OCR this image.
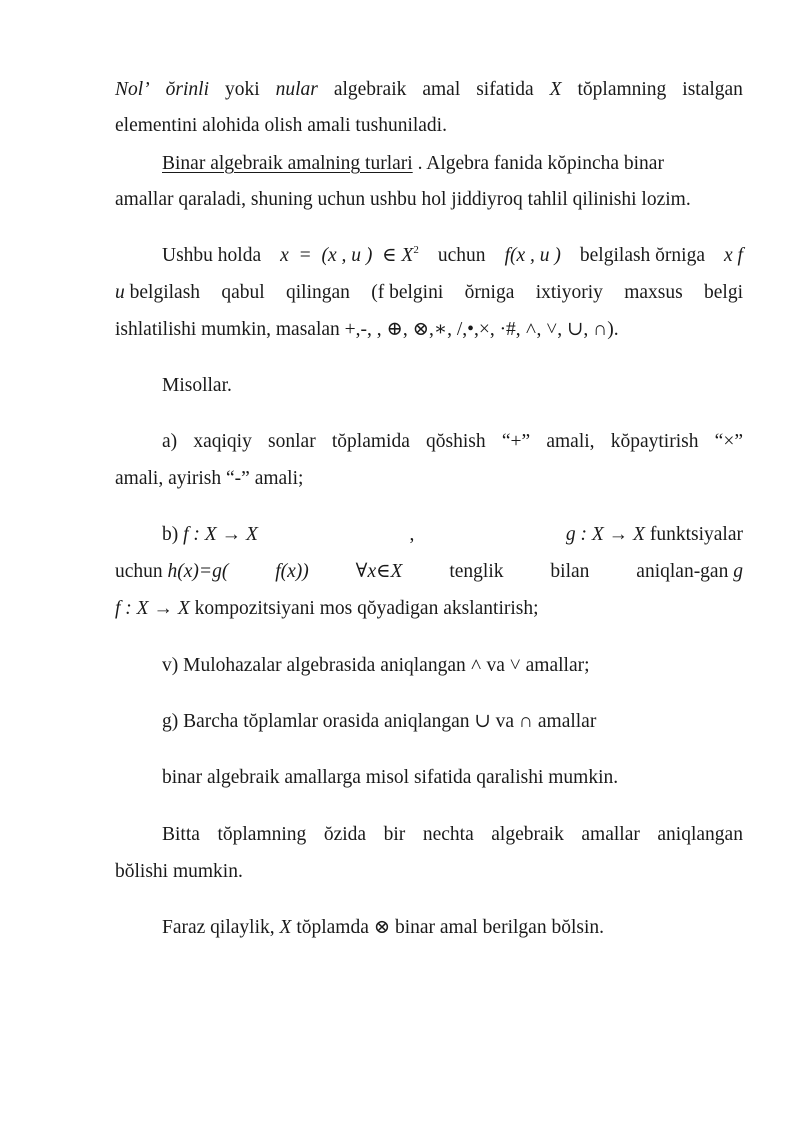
Nol’ ŏrinli yoki nular algebraik amal sifatida X tŏplamning istalgan
elementini alohida olish amali tushuniladi.
Binar algebraik amalning turlari . Algebra fanida kŏpincha binar
amallar qaraladi, shuning uchun ushbu hol jiddiyroq tahlil qilinishi lozim.
Ushbu holda x  =  (x , u )  ∈ $X^2$ uchun f(x , u ) belgilash ŏrniga x f
u belgilash qabul qilingan (f belgini ŏrniga ixtiyoriy maxsus belgi
ishlatilishi mumkin, masalan +,-, , ⊕, ⊗,∗, /,•,×, ·#, ˄, ˅, ∪, ∩).
Misollar.
a) xaqiqiy sonlar tŏplamida qŏshish “+” amali, kŏpaytirish “×”
amali, ayirish “-” amali;
b) f : X → X	,	g : X → X funktsiyalar
uchun h(x)=g( f(x)) ∀x∈X tenglik bilan aniqlan-gan g
f : X → X kompozitsiyani mos qŏyadigan akslantirish;
v) Mulohazalar algebrasida aniqlangan ˄ va ˅ amallar;
g) Barcha tŏplamlar orasida aniqlangan ∪ va ∩ amallar
binar algebraik amallarga misol sifatida qaralishi mumkin.
Bitta tŏplamning ŏzida bir nechta algebraik amallar aniqlangan
bŏlishi mumkin.
Faraz qilaylik, X tŏplamda ⊗ binar amal berilgan bŏlsin.
